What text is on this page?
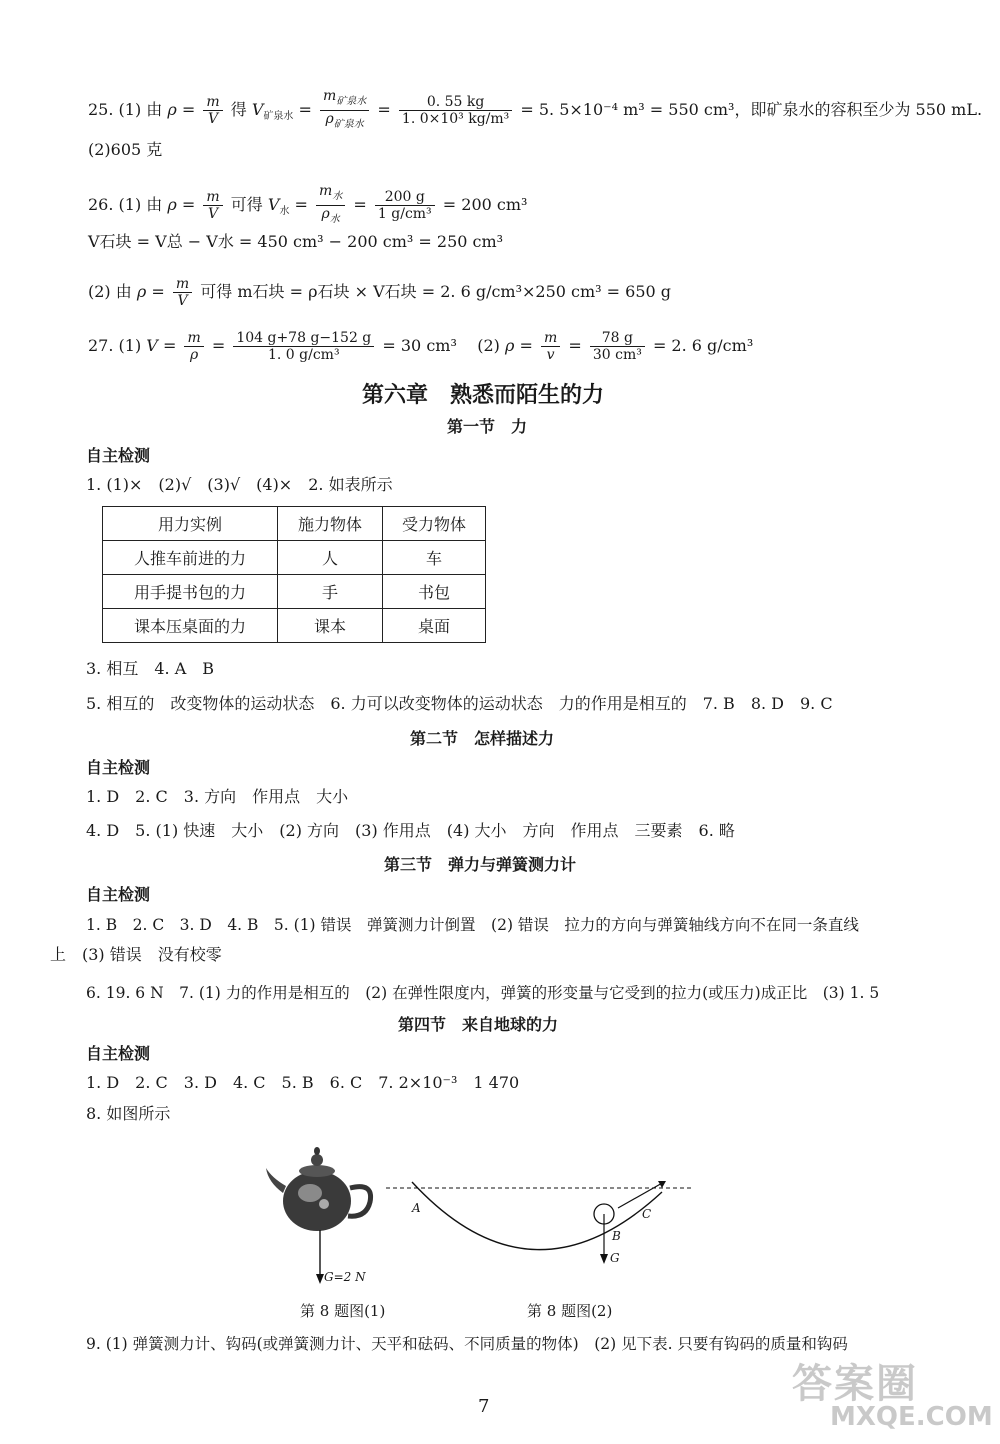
25. (1) 由 $\rho = \frac{m}{V}$ 得 $V_{矿泉水} = \frac{m_{矿泉水}}{\rho_{矿泉水}} = \frac{0. 55 kg}{\text{1. 0×10³ kg/m³}} = 5$. 5×10⁻⁴ m³ = 550 cm³，即矿泉水的容积至少为 550 mL.
(2)605 克
26. (1) 由 $\rho = \frac{m}{V}$ 可得 $V_水 = \frac{m_水}{\rho_水} = \frac{200 g}{\text{1 g/cm³}} = 200$ cm³
V石块 = V总 − V水 = 450 cm³ − 200 cm³ = 250 cm³
(2) 由 $\rho = \frac{m}{V}$ 可得 m石块 = ρ石块 × V石块 = 2. 6 g/cm³×250 cm³ = 650 g
27. (1) $V = \frac{m}{\rho} = \frac{104 g+78 g-152 g}{\text{1. 0 g/cm³}} = 30$ cm³ (2) $\rho = \frac{m}{v} = \frac{78 g}{\text{30 cm³}} = 2$. 6 g/cm³
第六章　熟悉而陌生的力
第一节　力
自主检测
1. (1)×　(2)√　(3)√　(4)×　2. 如表所示
用力实例	施力物体	受力物体
人推车前进的力	人	车
用手提书包的力	手	书包
课本压桌面的力	课本	桌面
3. 相互　4. A　B
5. 相互的　改变物体的运动状态　6. 力可以改变物体的运动状态　力的作用是相互的　7. B　8. D　9. C
第二节　怎样描述力
自主检测
1. D　2. C　3. 方向　作用点　大小
4. D　5. (1) 快速　大小　(2) 方向　(3) 作用点　(4) 大小　方向　作用点　三要素　6. 略
第三节　弹力与弹簧测力计
自主检测
1. B　2. C　3. D　4. B　5. (1) 错误　弹簧测力计倒置　(2) 错误　拉力的方向与弹簧轴线方向不在同一条直线
上　(3) 错误　没有校零
6. 19. 6 N　7. (1) 力的作用是相互的　(2) 在弹性限度内，弹簧的形变量与它受到的拉力(或压力)成正比　(3) 1. 5
第四节　来自地球的力
自主检测
1. D　2. C　3. D　4. C　5. B　6. C　7. 2×10⁻³　1 470
8. 如图所示
G=2 N
A
B
C
G
第 8 题图(1)	第 8 题图(2)
9. (1) 弹簧测力计、钩码(或弹簧测力计、天平和砝码、不同质量的物体)　(2) 见下表. 只要有钩码的质量和钩码
7	答案圈
MXQE.COM
